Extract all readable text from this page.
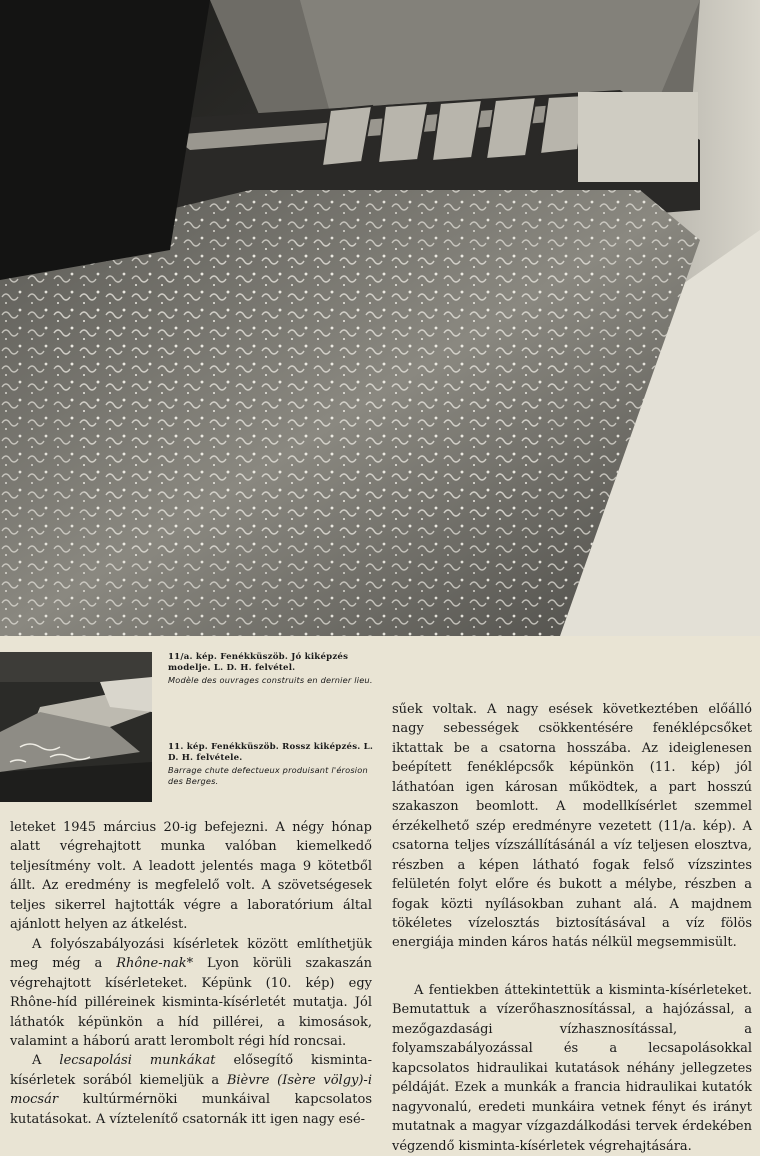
11/a. kép. Fenékküszöb. Jó kiképzés modelje. L. D. H. felvétel.
Modèle des ouvrages construits en dernier lieu.
11. kép. Fenékküszöb. Rossz kiképzés. L. D. H. felvétele.
Barrage chute defectueux produisant l'érosion des Berges.

leteket 1945 március 20-ig befejezni. A négy hónap alatt végrehajtott munka valóban kiemelkedő teljesítmény volt. A leadott jelentés maga 9 kötetből állt. Az eredmény is megfelelő volt. A szövetségesek teljes sikerrel hajtották végre a laboratórium által ajánlott helyen az átkelést.

A folyószabályozási kísérletek között említhetjük meg még a Rhône-nak* Lyon körüli szakaszán végrehajtott kísérleteket. Képünk (10. kép) egy Rhône-híd pilléreinek kisminta-kísérletét mutatja. Jól láthatók képünkön a híd pillérei, a kimosások, valamint a háború aratt lerombolt régi híd roncsai.

A lecsapolási munkákat elősegítő kisminta-kísérletek sorából kiemeljük a Bièvre (Isère völgy)-i mocsár kultúrmérnöki munkáival kapcsolatos kutatásokat. A víztelenítő csatornák itt igen nagy esé-

sűek voltak. A nagy esések következtében előálló nagy sebességek csökkentésére fenéklépcsőket iktattak be a csatorna hosszába. Az ideiglenesen beépített fenéklépcsők képünkön (11. kép) jól láthatóan igen károsan működtek, a part hosszú szakaszon beomlott. A modellkísérlet szemmel érzékelhető szép eredményre vezetett (11/a. kép). A csatorna teljes vízszállításánál a víz teljesen elosztva, részben a képen látható fogak felső vízszintes felületén folyt előre és bukott a mélybe, részben a fogak közti nyílásokban zuhant alá. A majdnem tökéletes vízelosztás biztosításával a víz fölös energiája minden káros hatás nélkül megsemmisült.

A fentiekben áttekintettük a kisminta-kísérleteket. Bemutattuk a vízerőhasznosítással, a hajózással, a mezőgazdasági vízhasznosítással, a folyamszabályozással és a lecsapolásokkal kapcsolatos hidraulikai kutatások néhány jellegzetes példáját. Ezek a munkák a francia hidraulikai kutatók nagyvonalú, eredeti munkáira vetnek fényt és irányt mutatnak a magyar vízgazdálkodási tervek érdekében végzendő kisminta-kísérletek végrehajtására.
